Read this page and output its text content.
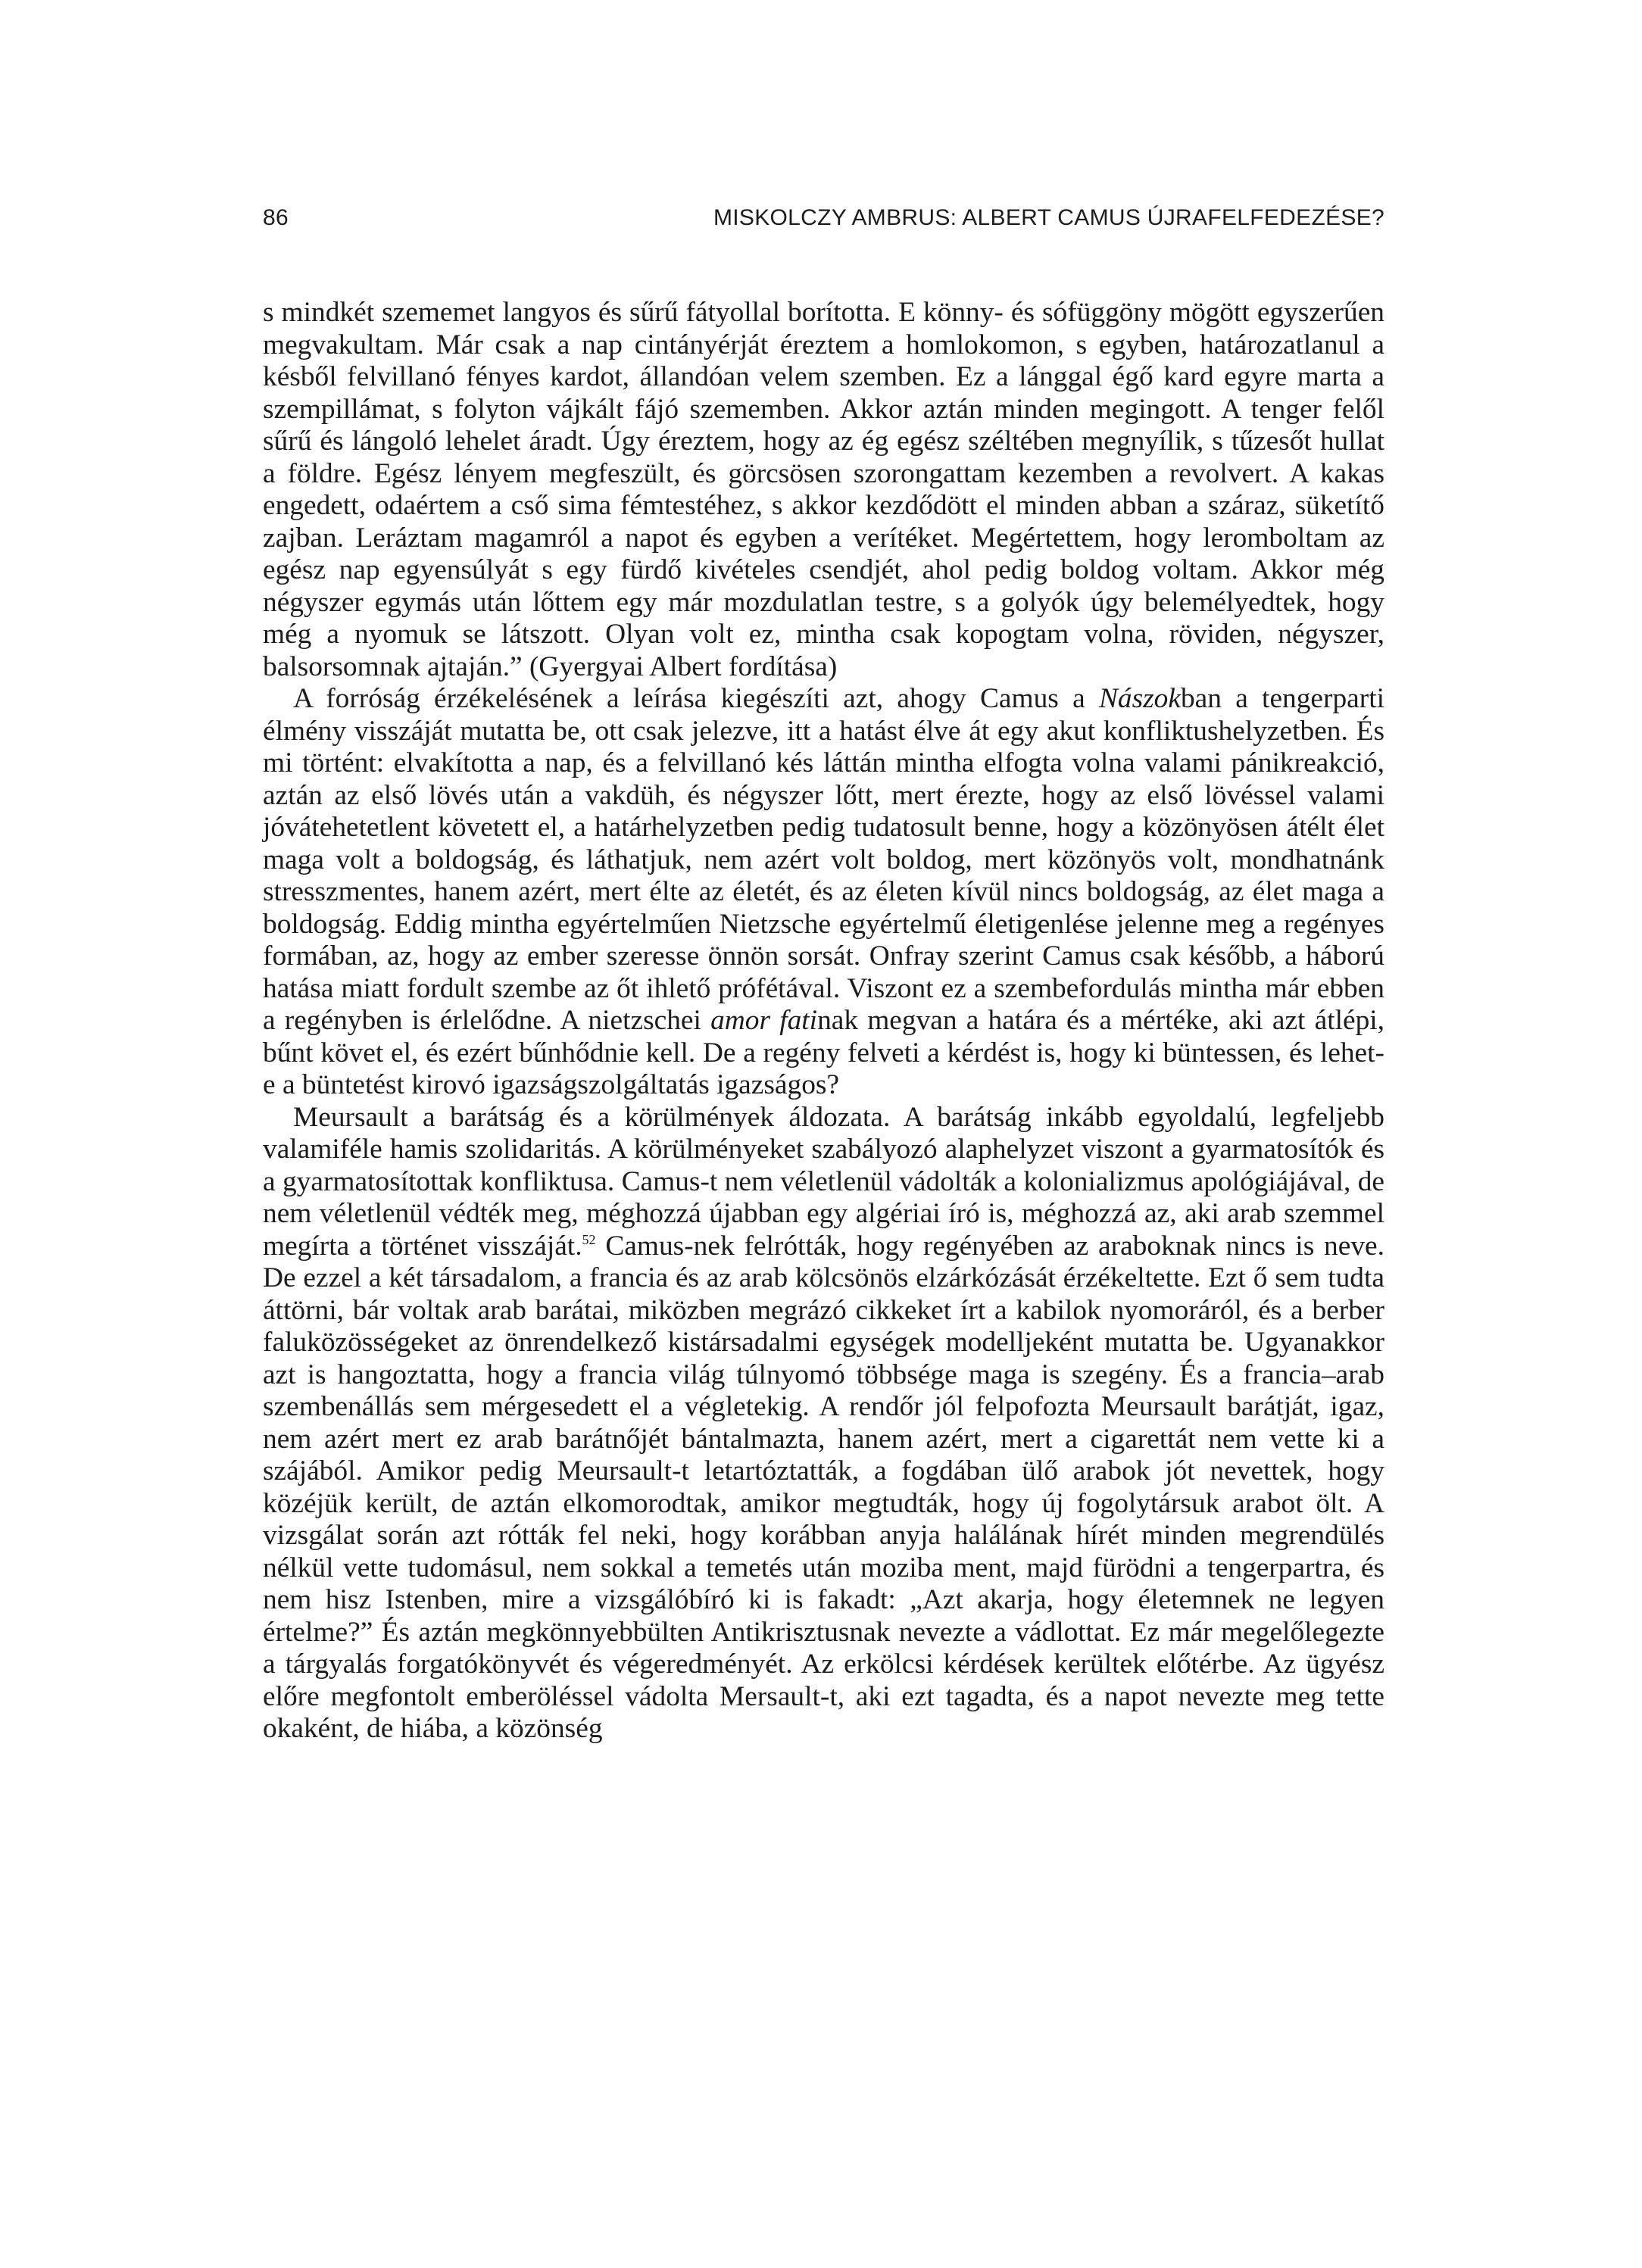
86	MISKOLCZY AMBRUS: ALBERT CAMUS ÚJRAFELFEDEZÉSE?

s mindkét szememet langyos és sűrű fátyollal borította. E könny- és sófüggöny mögött egyszerűen megvakultam. Már csak a nap cintányérját éreztem a homlokomon, s egyben, határozatlanul a késből felvillanó fényes kardot, állandóan velem szemben. Ez a lánggal égő kard egyre marta a szempillámat, s folyton vájkált fájó szememben. Akkor aztán minden megingott. A tenger felől sűrű és lángoló lehelet áradt. Úgy éreztem, hogy az ég egész széltében megnyílik, s tűzesőt hullat a földre. Egész lényem megfeszült, és görcsösen szorongattam kezemben a revolvert. A kakas engedett, odaértem a cső sima fémtestéhez, s akkor kezdődött el minden abban a száraz, süketítő zajban. Leráztam magamról a napot és egyben a verítéket. Megértettem, hogy leromboltam az egész nap egyensúlyát s egy fürdő kivételes csendjét, ahol pedig boldog voltam. Akkor még négyszer egymás után lőttem egy már mozdulatlan testre, s a golyók úgy belemélyedtek, hogy még a nyomuk se látszott. Olyan volt ez, mintha csak kopogtam volna, röviden, négyszer, balsorsomnak ajtaján.” (Gyergyai Albert fordítása)

A forróság érzékelésének a leírása kiegészíti azt, ahogy Camus a Nászokban a tengerparti élmény visszáját mutatta be, ott csak jelezve, itt a hatást élve át egy akut konfliktushelyzetben. És mi történt: elvakította a nap, és a felvillanó kés láttán mintha elfogta volna valami pánikreakció, aztán az első lövés után a vakdüh, és négyszer lőtt, mert érezte, hogy az első lövéssel valami jóvátehetetlent követett el, a határhelyzetben pedig tudatosult benne, hogy a közönyösen átélt élet maga volt a boldogság, és láthatjuk, nem azért volt boldog, mert közönyös volt, mondhatnánk stresszmentes, hanem azért, mert élte az életét, és az életen kívül nincs boldogság, az élet maga a boldogság. Eddig mintha egyértelműen Nietzsche egyértelmű életigenlése jelenne meg a regényes formában, az, hogy az ember szeresse önnön sorsát. Onfray szerint Camus csak később, a háború hatása miatt fordult szembe az őt ihlető prófétával. Viszont ez a szembefordulás mintha már ebben a regényben is érlelődne. A nietzschei amor fatinak megvan a határa és a mértéke, aki azt átlépi, bűnt követ el, és ezért bűnhődnie kell. De a regény felveti a kérdést is, hogy ki büntessen, és lehet-e a büntetést kirovó igazságszolgáltatás igazságos?

Meursault a barátság és a körülmények áldozata. A barátság inkább egyoldalú, legfeljebb valamiféle hamis szolidaritás. A körülményeket szabályozó alaphelyzet viszont a gyarmatosítók és a gyarmatosítottak konfliktusa. Camus-t nem véletlenül vádolták a kolonializmus apológiájával, de nem véletlenül védték meg, méghozzá újabban egy algériai író is, méghozzá az, aki arab szemmel megírta a történet visszáját.$^{52}$ Camus-nek felrótták, hogy regényében az araboknak nincs is neve. De ezzel a két társadalom, a francia és az arab kölcsönös elzárkózását érzékeltette. Ezt ő sem tudta áttörni, bár voltak arab barátai, miközben megrázó cikkeket írt a kabilok nyomoráról, és a berber faluközösségeket az önrendelkező kistársadalmi egységek modelljeként mutatta be. Ugyanakkor azt is hangoztatta, hogy a francia világ túlnyomó többsége maga is szegény. És a francia–arab szembenállás sem mérgesedett el a végletekig. A rendőr jól felpofozta Meursault barátját, igaz, nem azért mert ez arab barátnőjét bántalmazta, hanem azért, mert a cigarettát nem vette ki a szájából. Amikor pedig Meursault-t letartóztatták, a fogdában ülő arabok jót nevettek, hogy közéjük került, de aztán elkomorodtak, amikor megtudták, hogy új fogolytársuk arabot ölt. A vizsgálat során azt rótták fel neki, hogy korábban anyja halálának hírét minden megrendülés nélkül vette tudomásul, nem sokkal a temetés után moziba ment, majd fürödni a tengerpartra, és nem hisz Istenben, mire a vizsgálóbíró ki is fakadt: „Azt akarja, hogy életemnek ne legyen értelme?” És aztán megkönnyebbülten Antikrisztusnak nevezte a vádlottat. Ez már megelőlegezte a tárgyalás forgatókönyvét és végeredményét. Az erkölcsi kérdések kerültek előtérbe. Az ügyész előre megfontolt emberöléssel vádolta Mersault-t, aki ezt tagadta, és a napot nevezte meg tette okaként, de hiába, a közönség
